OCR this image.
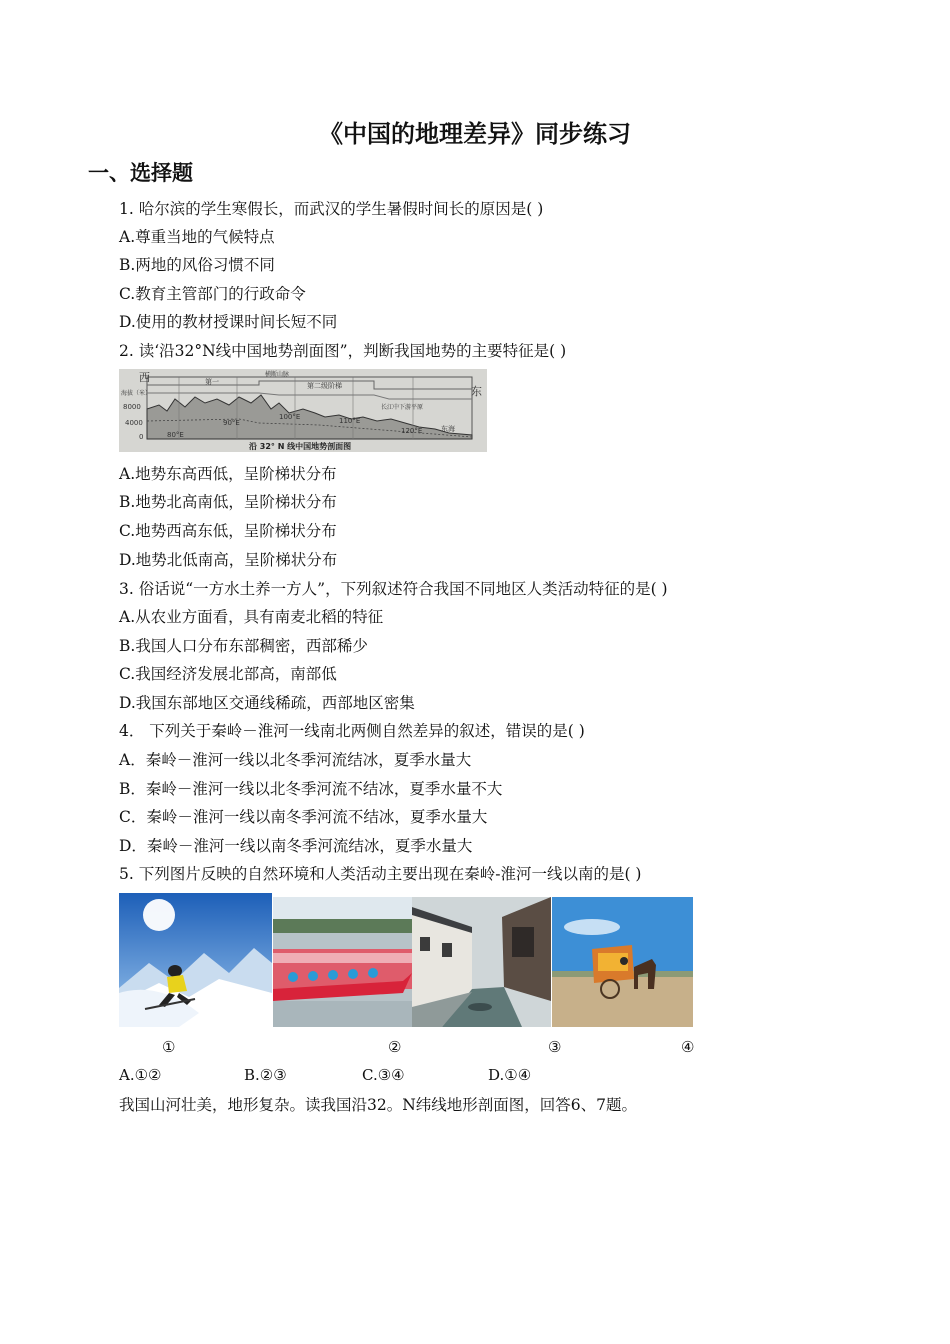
《中国的地理差异》同步练习
一、选择题
1. 哈尔滨的学生寒假长，而武汉的学生暑假时间长的原因是( )
A.尊重当地的气候特点
B.两地的风俗习惯不同
C.教育主管部门的行政命令
D.使用的教材授课时间长短不同
2. 读‘沿32°N线中国地势剖面图”，判断我国地势的主要特征是( )
西
东
海拔（米）
8000
4000
0	80°E
90°E
100°E	110°E
120°E
第一	第二级阶梯
横断山脉
长江中下游平原
东海
沿 32° N 线中国地势剖面图
A.地势东高西低，呈阶梯状分布
B.地势北高南低，呈阶梯状分布
C.地势西高东低，呈阶梯状分布
D.地势北低南高，呈阶梯状分布
3. 俗话说“一方水土养一方人”，下列叙述符合我国不同地区人类活动特征的是( )
A.从农业方面看，具有南麦北稻的特征
B.我国人口分布东部稠密，西部稀少
C.我国经济发展北部高，南部低
D.我国东部地区交通线稀疏，西部地区密集
4． 下列关于秦岭－淮河一线南北两侧自然差异的叙述，错误的是( )
A．秦岭－淮河一线以北冬季河流结冰，夏季水量大
B．秦岭－淮河一线以北冬季河流不结冰，夏季水量不大
C．秦岭－淮河一线以南冬季河流不结冰，夏季水量大
D．秦岭－淮河一线以南冬季河流结冰，夏季水量大
5. 下列图片反映的自然环境和人类活动主要出现在秦岭-淮河一线以南的是( )
①	②	③	④
A.①②	B.②③	C.③④	D.①④
我国山河壮美，地形复杂。读我国沿32。N纬线地形剖面图，回答6、7题。
